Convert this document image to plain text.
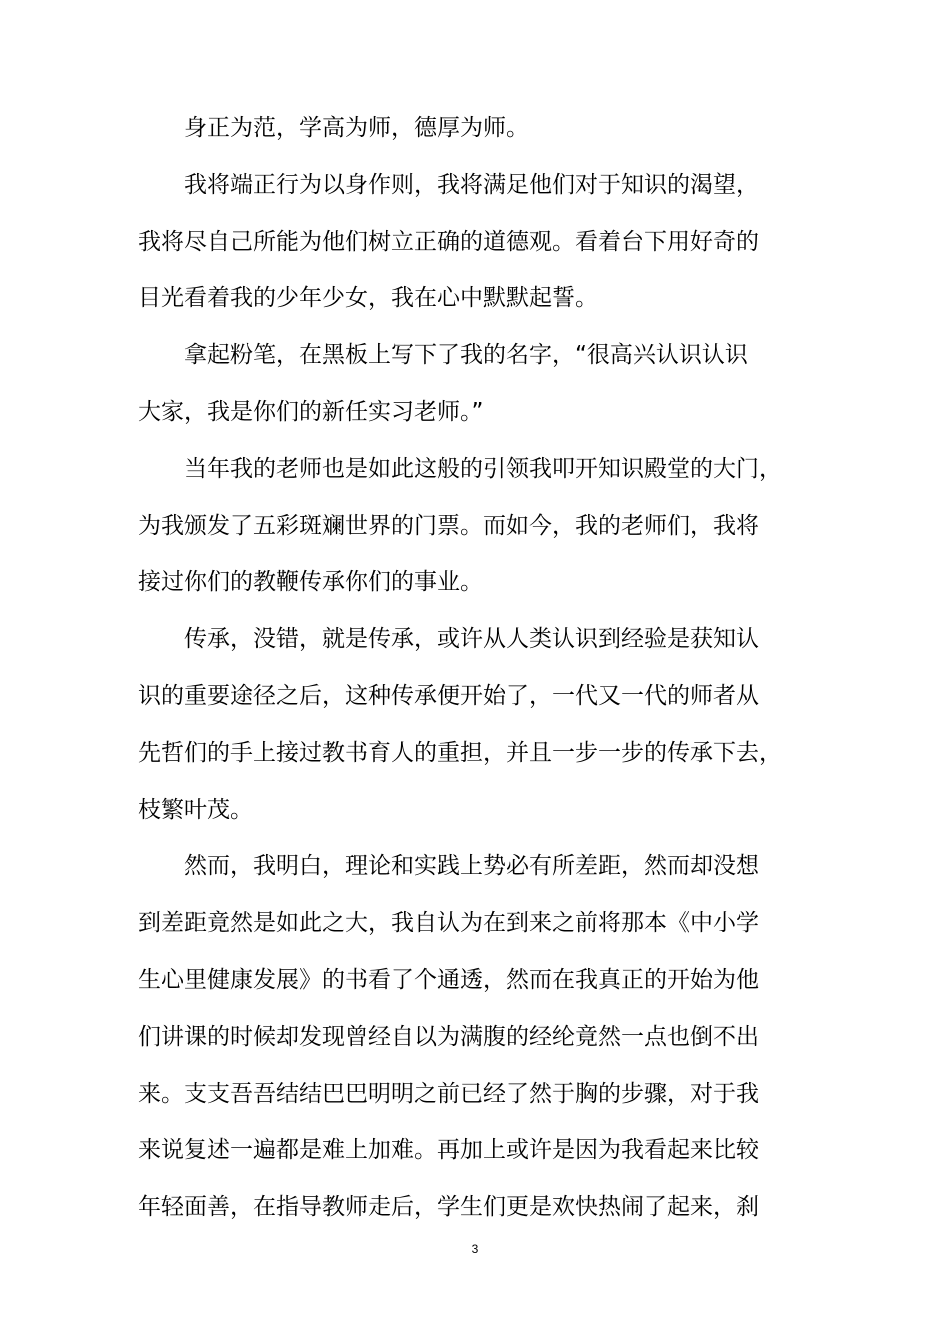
身正为范，学高为师，德厚为师。
我将端正行为以身作则，我将满足他们对于知识的渴望，
我将尽自己所能为他们树立正确的道德观。看着台下用好奇的
目光看着我的少年少女，我在心中默默起誓。
拿起粉笔，在黑板上写下了我的名字，“很高兴认识认识
大家，我是你们的新任实习老师。”
当年我的老师也是如此这般的引领我叩开知识殿堂的大门，
为我颁发了五彩斑斓世界的门票。而如今，我的老师们，我将
接过你们的教鞭传承你们的事业。
传承，没错，就是传承，或许从人类认识到经验是获知认
识的重要途径之后，这种传承便开始了，一代又一代的师者从
先哲们的手上接过教书育人的重担，并且一步一步的传承下去，
枝繁叶茂。
然而，我明白，理论和实践上势必有所差距，然而却没想
到差距竟然是如此之大，我自认为在到来之前将那本《中小学
生心里健康发展》的书看了个通透，然而在我真正的开始为他
们讲课的时候却发现曾经自以为满腹的经纶竟然一点也倒不出
来。支支吾吾结结巴巴明明之前已经了然于胸的步骤，对于我
来说复述一遍都是难上加难。再加上或许是因为我看起来比较
年轻面善，在指导教师走后，学生们更是欢快热闹了起来，刹
3
